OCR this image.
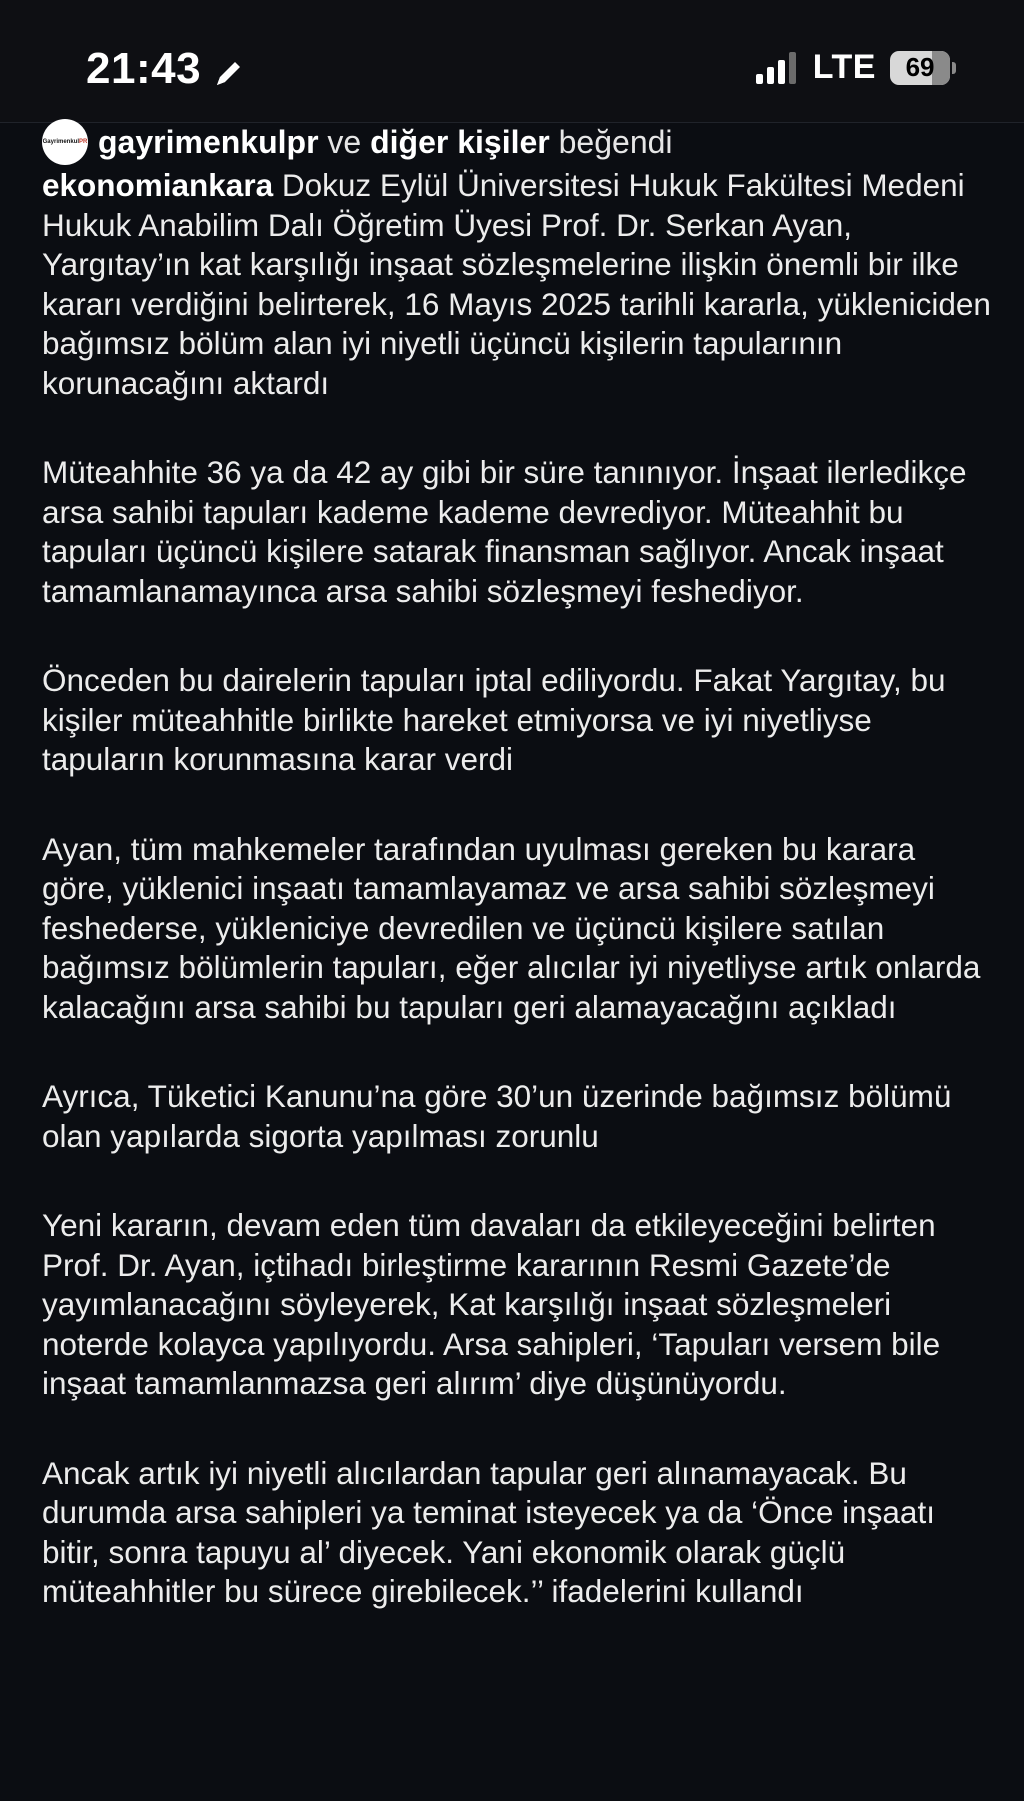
21:43	LTE 69
GayrimenkulPR gayrimenkulpr ve diğer kişiler beğendi

ekonomiankara Dokuz Eylül Üniversitesi Hukuk Fakültesi Medeni Hukuk Anabilim Dalı Öğretim Üyesi Prof. Dr. Serkan Ayan, Yargıtay’ın kat karşılığı inşaat sözleşmelerine ilişkin önemli bir ilke kararı verdiğini belirterek, 16 Mayıs 2025 tarihli kararla, yükleniciden bağımsız bölüm alan iyi niyetli üçüncü kişilerin tapularının korunacağını aktardı

Müteahhite 36 ya da 42 ay gibi bir süre tanınıyor. İnşaat ilerledikçe arsa sahibi tapuları kademe kademe devrediyor. Müteahhit bu tapuları üçüncü kişilere satarak finansman sağlıyor. Ancak inşaat tamamlanamayınca arsa sahibi sözleşmeyi feshediyor.

Önceden bu dairelerin tapuları iptal ediliyordu. Fakat Yargıtay, bu kişiler müteahhitle birlikte hareket etmiyorsa ve iyi niyetliyse tapuların korunmasına karar verdi

Ayan, tüm mahkemeler tarafından uyulması gereken bu karara göre, yüklenici inşaatı tamamlayamaz ve arsa sahibi sözleşmeyi feshederse, yükleniciye devredilen ve üçüncü kişilere satılan bağımsız bölümlerin tapuları, eğer alıcılar iyi niyetliyse artık onlarda kalacağını arsa sahibi bu tapuları geri alamayacağını açıkladı

Ayrıca, Tüketici Kanunu’na göre 30’un üzerinde bağımsız bölümü olan yapılarda sigorta yapılması zorunlu

Yeni kararın, devam eden tüm davaları da etkileyeceğini belirten Prof. Dr. Ayan, içtihadı birleştirme kararının Resmi Gazete’de yayımlanacağını söyleyerek, Kat karşılığı inşaat sözleşmeleri noterde kolayca yapılıyordu. Arsa sahipleri, ‘Tapuları versem bile inşaat tamamlanmazsa geri alırım’ diye düşünüyordu.

Ancak artık iyi niyetli alıcılardan tapular geri alınamayacak. Bu durumda arsa sahipleri ya teminat isteyecek ya da ‘Önce inşaatı bitir, sonra tapuyu al’ diyecek. Yani ekonomik olarak güçlü müteahhitler bu sürece girebilecek.’’ ifadelerini kullandı
